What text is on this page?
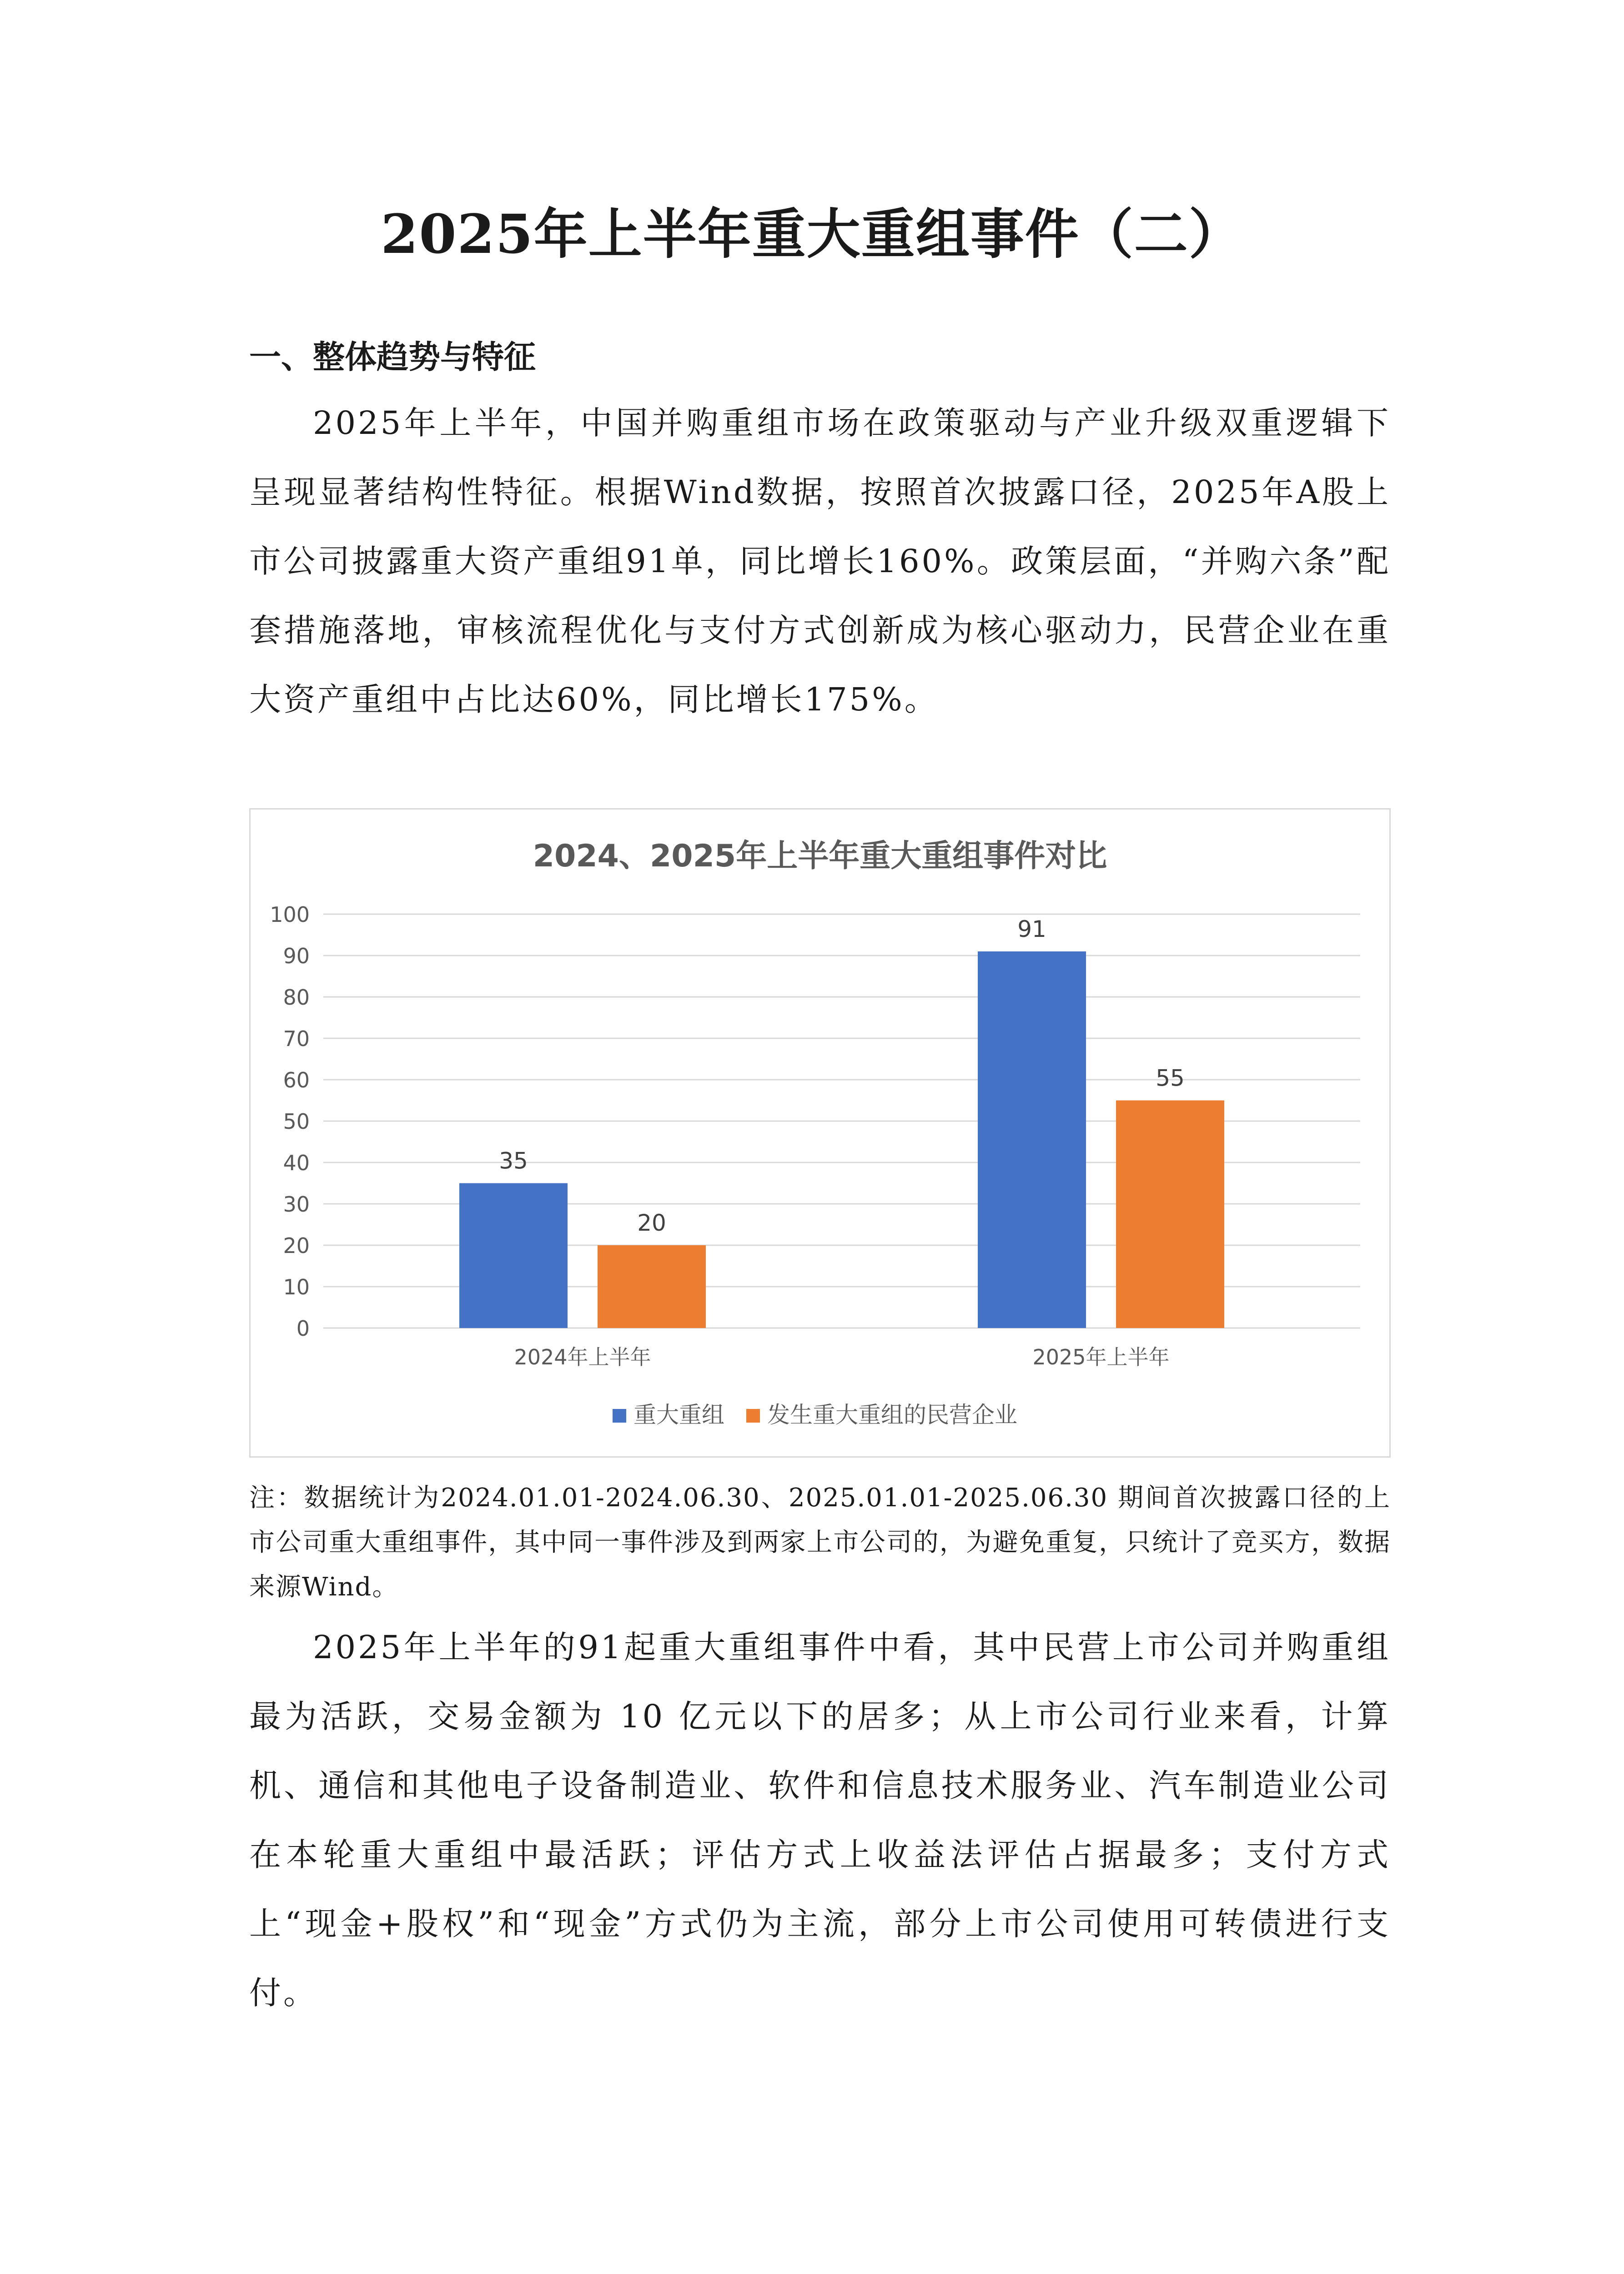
2025年上半年重大重组事件（二）
一、整体趋势与特征
2025年上半年，中国并购重组市场在政策驱动与产业升级双重逻辑下呈现显著结构性特征。根据Wind数据，按照首次披露口径，2025年A股上市公司披露重大资产重组91单，同比增长160%。政策层面，“并购六条”配套措施落地，审核流程优化与支付方式创新成为核心驱动力，民营企业在重大资产重组中占比达60%，同比增长175%。
2024、2025年上半年重大重组事件对比
0
10
20
30
40
50
60
70
80
90
100
35
20
91
55
2024年上半年	2025年上半年
重大重组 发生重大重组的民营企业
注：数据统计为2024.01.01-2024.06.30、2025.01.01-2025.06.30 期间首次披露口径的上市公司重大重组事件，其中同一事件涉及到两家上市公司的，为避免重复，只统计了竞买方，数据来源Wind。
2025年上半年的91起重大重组事件中看，其中民营上市公司并购重组最为活跃，交易金额为 10 亿元以下的居多；从上市公司行业来看，计算机、通信和其他电子设备制造业、软件和信息技术服务业、汽车制造业公司在本轮重大重组中最活跃；评估方式上收益法评估占据最多；支付方式上“现金+股权”和“现金”方式仍为主流，部分上市公司使用可转债进行支付。
